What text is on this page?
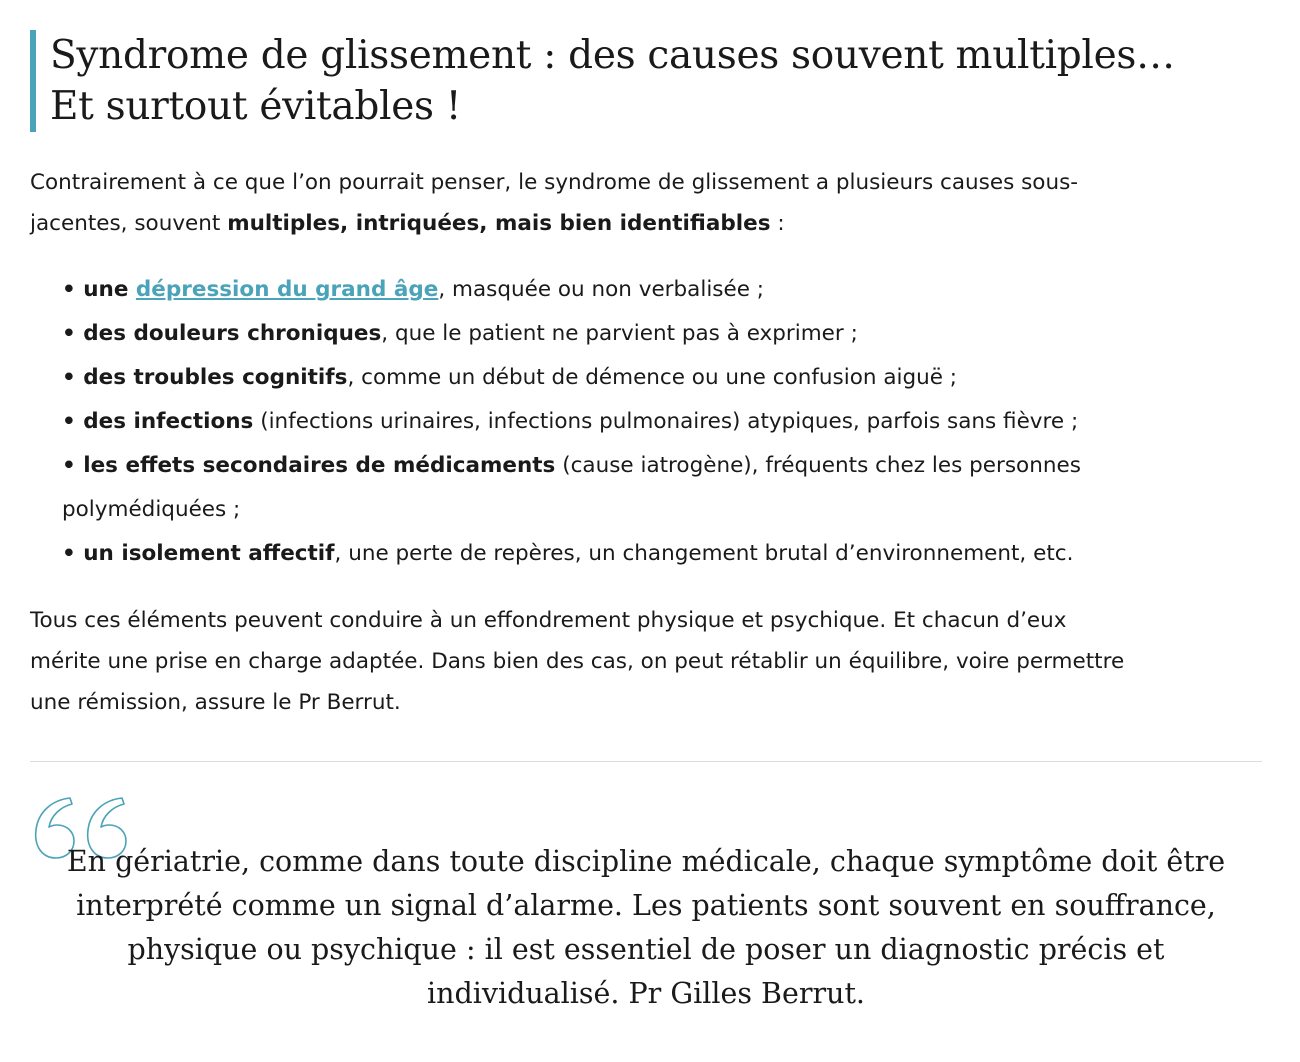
Syndrome de glissement : des causes souvent multiples…
Et surtout évitables !

Contrairement à ce que l’on pourrait penser, le syndrome de glissement a plusieurs causes sous-
jacentes, souvent multiples, intriquées, mais bien identifiables :

• une dépression du grand âge, masquée ou non verbalisée ;
• des douleurs chroniques, que le patient ne parvient pas à exprimer ;
• des troubles cognitifs, comme un début de démence ou une confusion aiguë ;
• des infections (infections urinaires, infections pulmonaires) atypiques, parfois sans fièvre ;
• les effets secondaires de médicaments (cause iatrogène), fréquents chez les personnes
polymédiquées ;
• un isolement affectif, une perte de repères, un changement brutal d’environnement, etc.

Tous ces éléments peuvent conduire à un effondrement physique et psychique. Et chacun d’eux
mérite une prise en charge adaptée. Dans bien des cas, on peut rétablir un équilibre, voire permettre
une rémission, assure le Pr Berrut.

En gériatrie, comme dans toute discipline médicale, chaque symptôme doit être
interprété comme un signal d’alarme. Les patients sont souvent en souffrance,
physique ou psychique : il est essentiel de poser un diagnostic précis et
individualisé. Pr Gilles Berrut.
